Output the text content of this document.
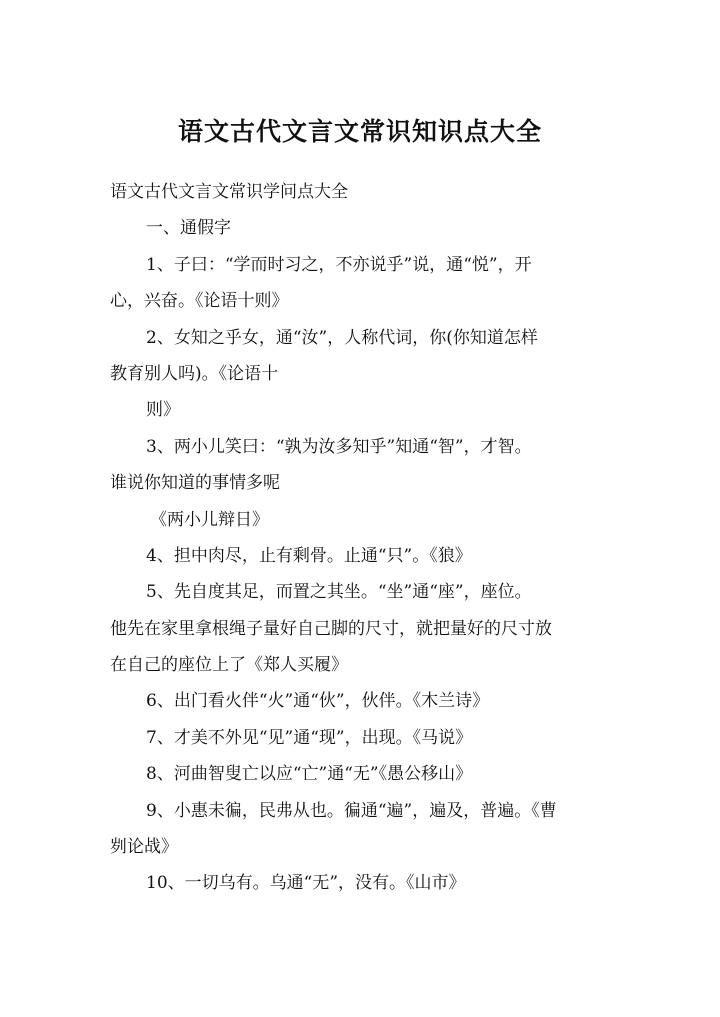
语文古代文言文常识知识点大全
语文古代文言文常识学问点大全
一、通假字
1、子曰：“学而时习之，不亦说乎”说，通“悦”，开
心，兴奋。《论语十则》
2、女知之乎女，通“汝”，人称代词，你(你知道怎样
教育别人吗)。《论语十
则》
3、两小儿笑曰：“孰为汝多知乎”知通“智”，才智。
谁说你知道的事情多呢
《两小儿辩日》
4、担中肉尽，止有剩骨。止通“只”。《狼》
5、先自度其足，而置之其坐。“坐”通“座”，座位。
他先在家里拿根绳子量好自己脚的尺寸，就把量好的尺寸放
在自己的座位上了《郑人买履》
6、出门看火伴“火”通“伙”，伙伴。《木兰诗》
7、才美不外见“见”通“现”，出现。《马说》
8、河曲智叟亡以应“亡”通“无”《愚公移山》
9、小惠未徧，民弗从也。徧通“遍”，遍及，普遍。《曹
刿论战》
10、一切乌有。乌通“无”，没有。《山市》
